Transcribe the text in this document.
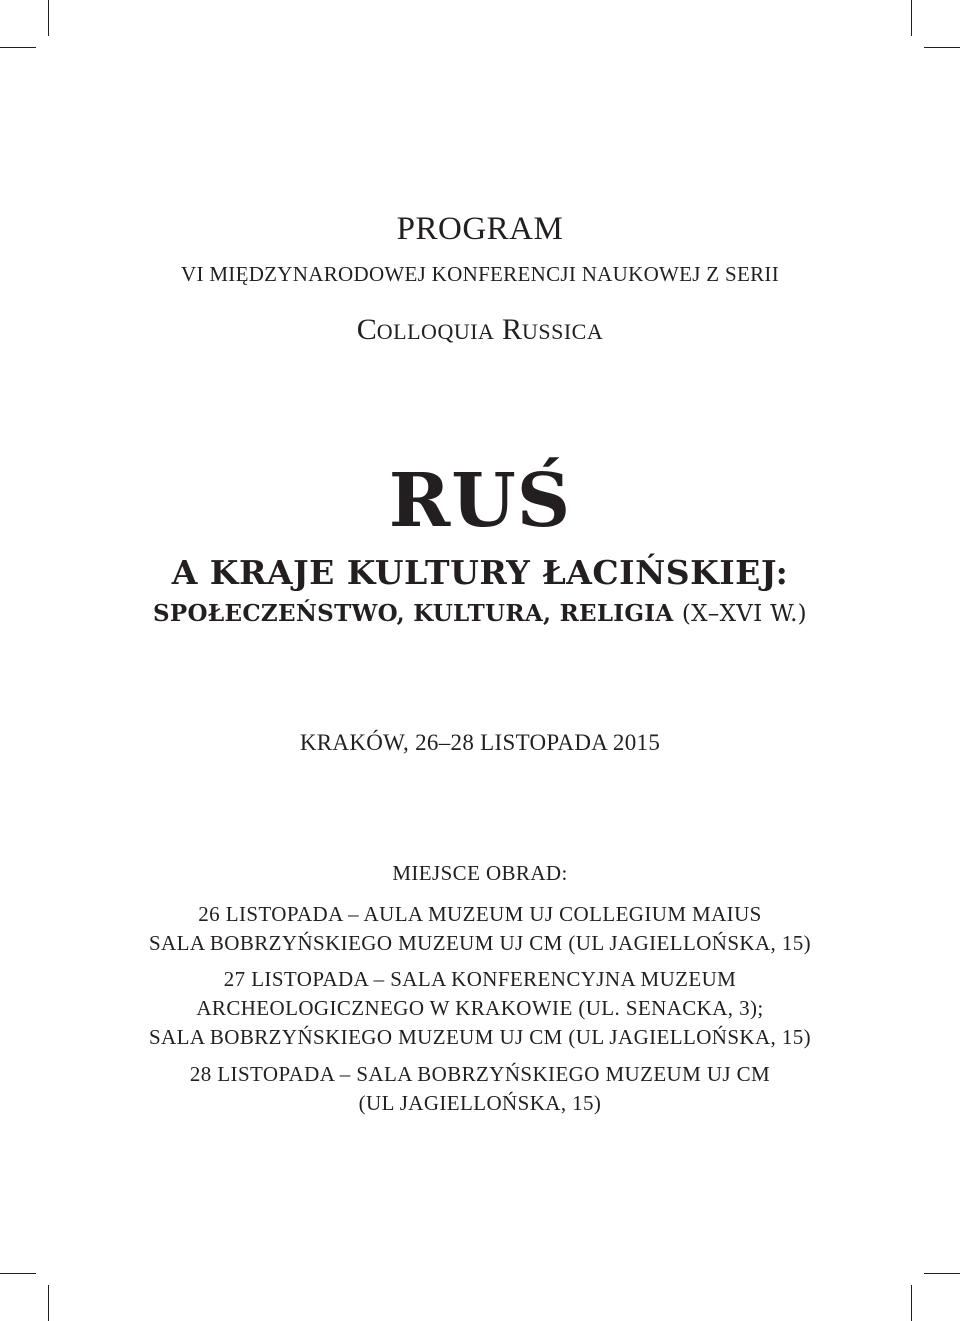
PROGRAM
VI MIĘDZYNARODOWEJ KONFERENCJI NAUKOWEJ Z SERII
COLLOQUIA RUSSICA
RUŚ
A KRAJE KULTURY ŁACIŃSKIEJ:
SPOŁECZEŃSTWO, KULTURA, RELIGIA (X–XVI W.)
KRAKÓW, 26–28 LISTOPADA 2015
MIEJSCE OBRAD:
26 LISTOPADA – AULA MUZEUM UJ COLLEGIUM MAIUS
SALA BOBRZYŃSKIEGO MUZEUM UJ CM (UL JAGIELLOŃSKA, 15)
27 LISTOPADA – SALA KONFERENCYJNA MUZEUM
ARCHEOLOGICZNEGO W KRAKOWIE (UL. SENACKA, 3);
SALA BOBRZYŃSKIEGO MUZEUM UJ CM (UL JAGIELLOŃSKA, 15)
28 LISTOPADA – SALA BOBRZYŃSKIEGO MUZEUM UJ CM
(UL JAGIELLOŃSKA, 15)
